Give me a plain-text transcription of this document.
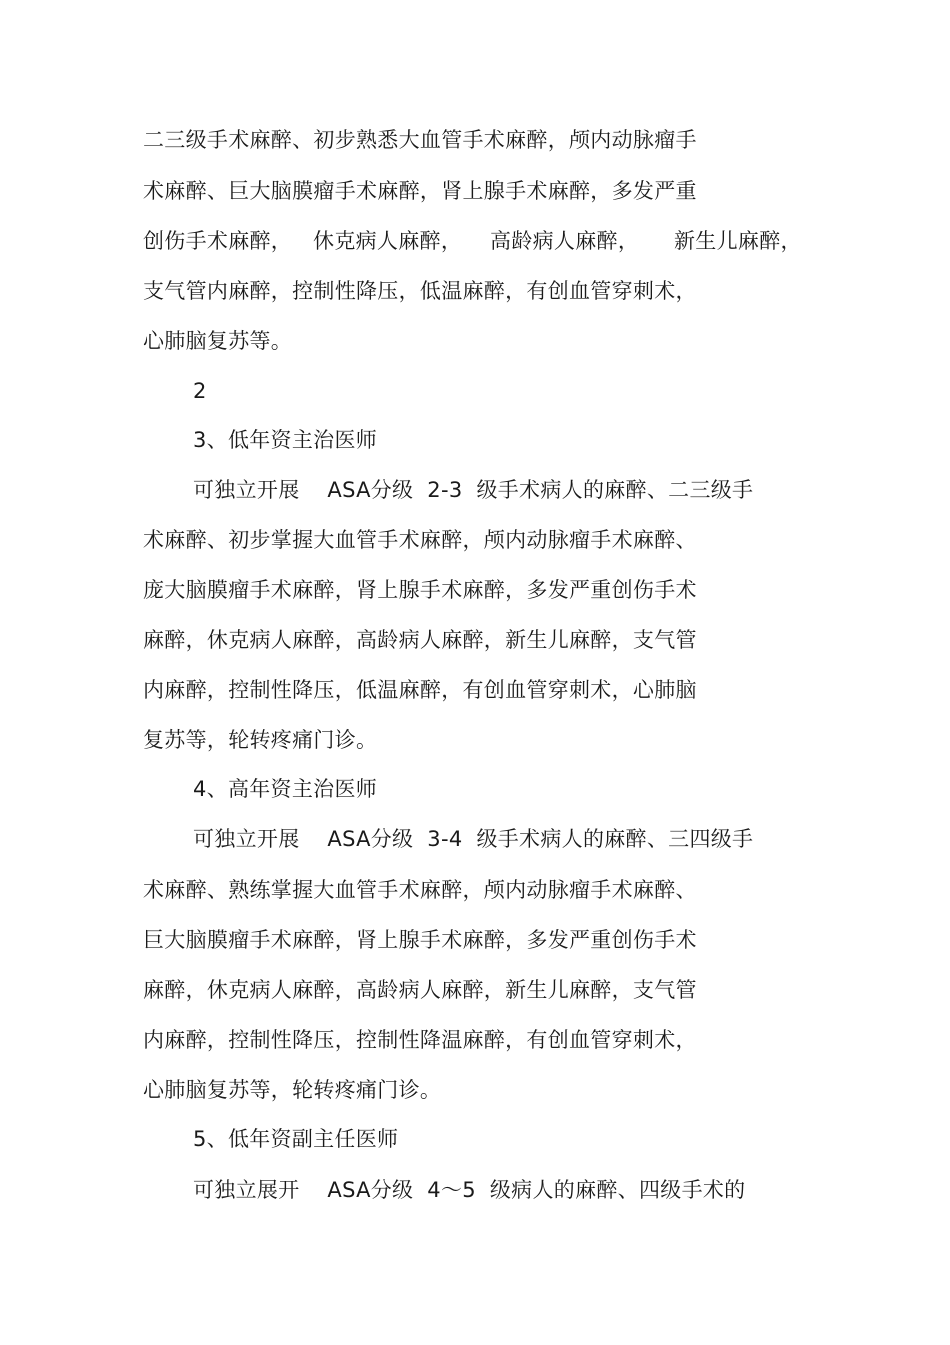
二三级手术麻醉、初步熟悉大血管手术麻醉，颅内动脉瘤手
术麻醉、巨大脑膜瘤手术麻醉，肾上腺手术麻醉，多发严重
创伤手术麻醉，   休克病人麻醉，    高龄病人麻醉，     新生儿麻醉，
支气管内麻醉，控制性降压，低温麻醉，有创血管穿刺术，
心肺脑复苏等。
2
3、低年资主治医师
可独立开展    ASA分级  2-3  级手术病人的麻醉、二三级手
术麻醉、初步掌握大血管手术麻醉，颅内动脉瘤手术麻醉、
庞大脑膜瘤手术麻醉，肾上腺手术麻醉，多发严重创伤手术
麻醉，休克病人麻醉，高龄病人麻醉，新生儿麻醉，支气管
内麻醉，控制性降压，低温麻醉，有创血管穿刺术，心肺脑
复苏等，轮转疼痛门诊。
4、高年资主治医师
可独立开展    ASA分级  3-4  级手术病人的麻醉、三四级手
术麻醉、熟练掌握大血管手术麻醉，颅内动脉瘤手术麻醉、
巨大脑膜瘤手术麻醉，肾上腺手术麻醉，多发严重创伤手术
麻醉，休克病人麻醉，高龄病人麻醉，新生儿麻醉，支气管
内麻醉，控制性降压，控制性降温麻醉，有创血管穿刺术，
心肺脑复苏等，轮转疼痛门诊。
5、低年资副主任医师
可独立展开    ASA分级  4～5  级病人的麻醉、四级手术的
